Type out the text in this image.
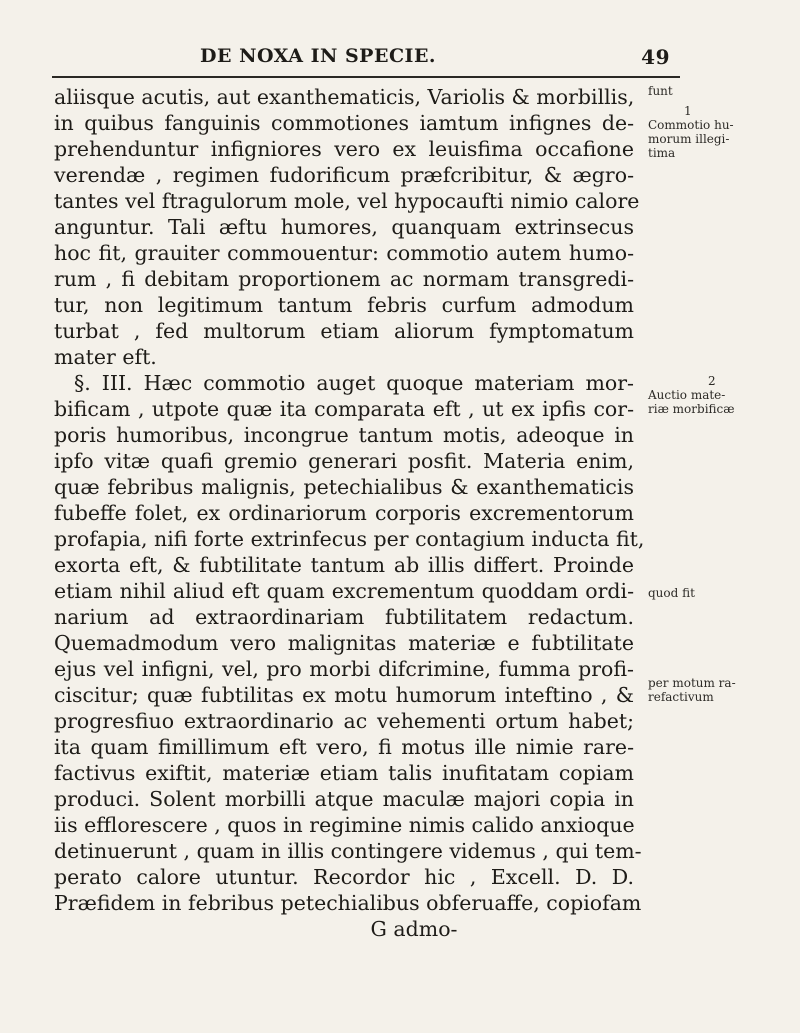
DE NOXA IN SPECIE.	49
aliisque acutis, aut exanthematicis, Variolis & morbillis,
in quibus fanguinis commotiones iamtum infignes de-
prehenduntur infigniores vero ex leuisfima occafione
verendæ , regimen fudorificum præfcribitur, & ægro-
tantes vel ftragulorum mole, vel hypocaufti nimio calore
anguntur. Tali æftu humores, quanquam extrinsecus
hoc fit, grauiter commouentur: commotio autem humo-
rum , fi debitam proportionem ac normam transgredi-
tur, non legitimum tantum febris curfum admodum
turbat , fed multorum etiam aliorum fymptomatum
mater eft.
§. III. Hæc commotio auget quoque materiam mor-
bificam , utpote quæ ita comparata eft , ut ex ipfis cor-
poris humoribus, incongrue tantum motis, adeoque in
ipfo vitæ quafi gremio generari posfit. Materia enim,
quæ febribus malignis, petechialibus & exanthematicis
fubeffe folet, ex ordinariorum corporis excrementorum
profapia, nifi forte extrinfecus per contagium inducta fit,
exorta eft, & fubtilitate tantum ab illis differt. Proinde
etiam nihil aliud eft quam excrementum quoddam ordi-
narium ad extraordinariam fubtilitatem redactum.
Quemadmodum vero malignitas materiæ e fubtilitate
ejus vel infigni, vel, pro morbi difcrimine, fumma profi-
ciscitur; quæ fubtilitas ex motu humorum inteftino , &
progresfiuo extraordinario ac vehementi ortum habet;
ita quam fimillimum eft vero, fi motus ille nimie rare-
factivus exiftit, materiæ etiam talis inufitatam copiam
produci. Solent morbilli atque maculæ majori copia in
iis efflorescere , quos in regimine nimis calido anxioque
detinuerunt , quam in illis contingere videmus , qui tem-
perato calore utuntur. Recordor hic , Excell. D. D.
Præfidem in febribus petechialibus obferuaffe, copiofam
G admo-
funt
1
Commotio hu-
morum illegi-
tima
2
Auctio mate-
riæ morbificæ
quod fit
per motum ra-
refactivum
